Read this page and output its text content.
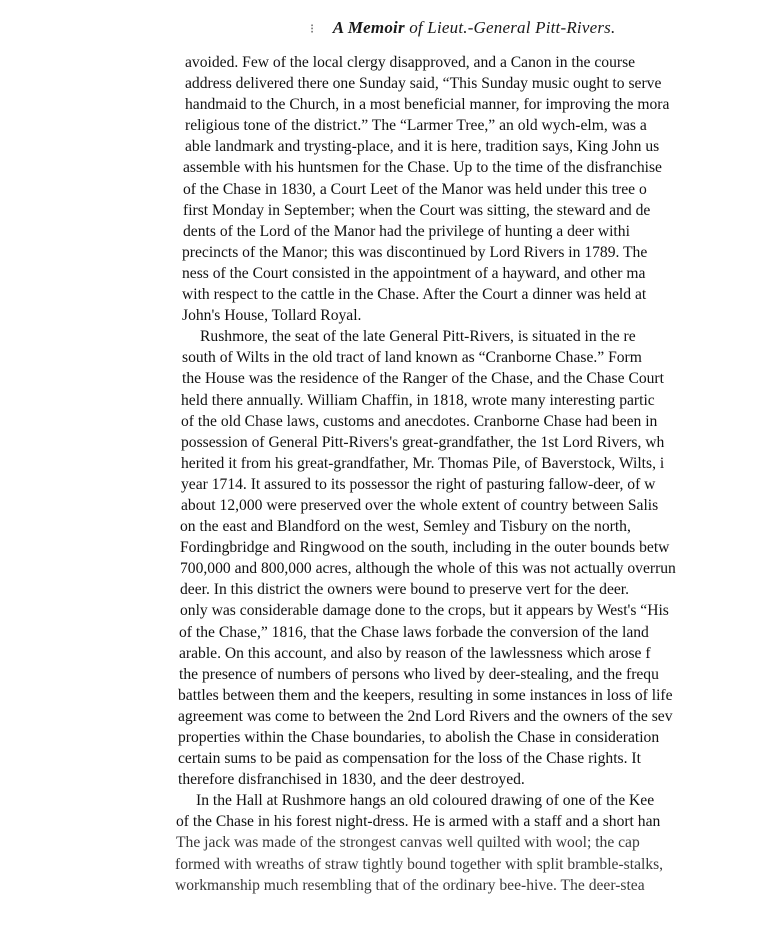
⁝ A Memoir of Lieut.-General Pitt-Rivers.
avoided. Few of the local clergy disapproved, and a Canon in the course
address delivered there one Sunday said, “This Sunday music ought to serve
handmaid to the Church, in a most beneficial manner, for improving the mora
religious tone of the district.” The “Larmer Tree,” an old wych-elm, was a
able landmark and trysting-place, and it is here, tradition says, King John us
assemble with his huntsmen for the Chase. Up to the time of the disfranchise
of the Chase in 1830, a Court Leet of the Manor was held under this tree o
first Monday in September; when the Court was sitting, the steward and de
dents of the Lord of the Manor had the privilege of hunting a deer withi
precincts of the Manor; this was discontinued by Lord Rivers in 1789. The
ness of the Court consisted in the appointment of a hayward, and other ma
with respect to the cattle in the Chase. After the Court a dinner was held at
John's House, Tollard Royal.
Rushmore, the seat of the late General Pitt-Rivers, is situated in the re
south of Wilts in the old tract of land known as “Cranborne Chase.” Form
the House was the residence of the Ranger of the Chase, and the Chase Court
held there annually. William Chaffin, in 1818, wrote many interesting partic
of the old Chase laws, customs and anecdotes. Cranborne Chase had been in
possession of General Pitt-Rivers's great-grandfather, the 1st Lord Rivers, wh
herited it from his great-grandfather, Mr. Thomas Pile, of Baverstock, Wilts, i
year 1714. It assured to its possessor the right of pasturing fallow-deer, of w
about 12,000 were preserved over the whole extent of country between Salis
on the east and Blandford on the west, Semley and Tisbury on the north,
Fordingbridge and Ringwood on the south, including in the outer bounds betw
700,000 and 800,000 acres, although the whole of this was not actually overrun
deer. In this district the owners were bound to preserve vert for the deer.
only was considerable damage done to the crops, but it appears by West's “His
of the Chase,” 1816, that the Chase laws forbade the conversion of the land
arable. On this account, and also by reason of the lawlessness which arose f
the presence of numbers of persons who lived by deer-stealing, and the frequ
battles between them and the keepers, resulting in some instances in loss of life
agreement was come to between the 2nd Lord Rivers and the owners of the sev
properties within the Chase boundaries, to abolish the Chase in consideration
certain sums to be paid as compensation for the loss of the Chase rights. It
therefore disfranchised in 1830, and the deer destroyed.
In the Hall at Rushmore hangs an old coloured drawing of one of the Kee
of the Chase in his forest night-dress. He is armed with a staff and a short han
The jack was made of the strongest canvas well quilted with wool; the cap
formed with wreaths of straw tightly bound together with split bramble-stalks,
workmanship much resembling that of the ordinary bee-hive. The deer-stea
